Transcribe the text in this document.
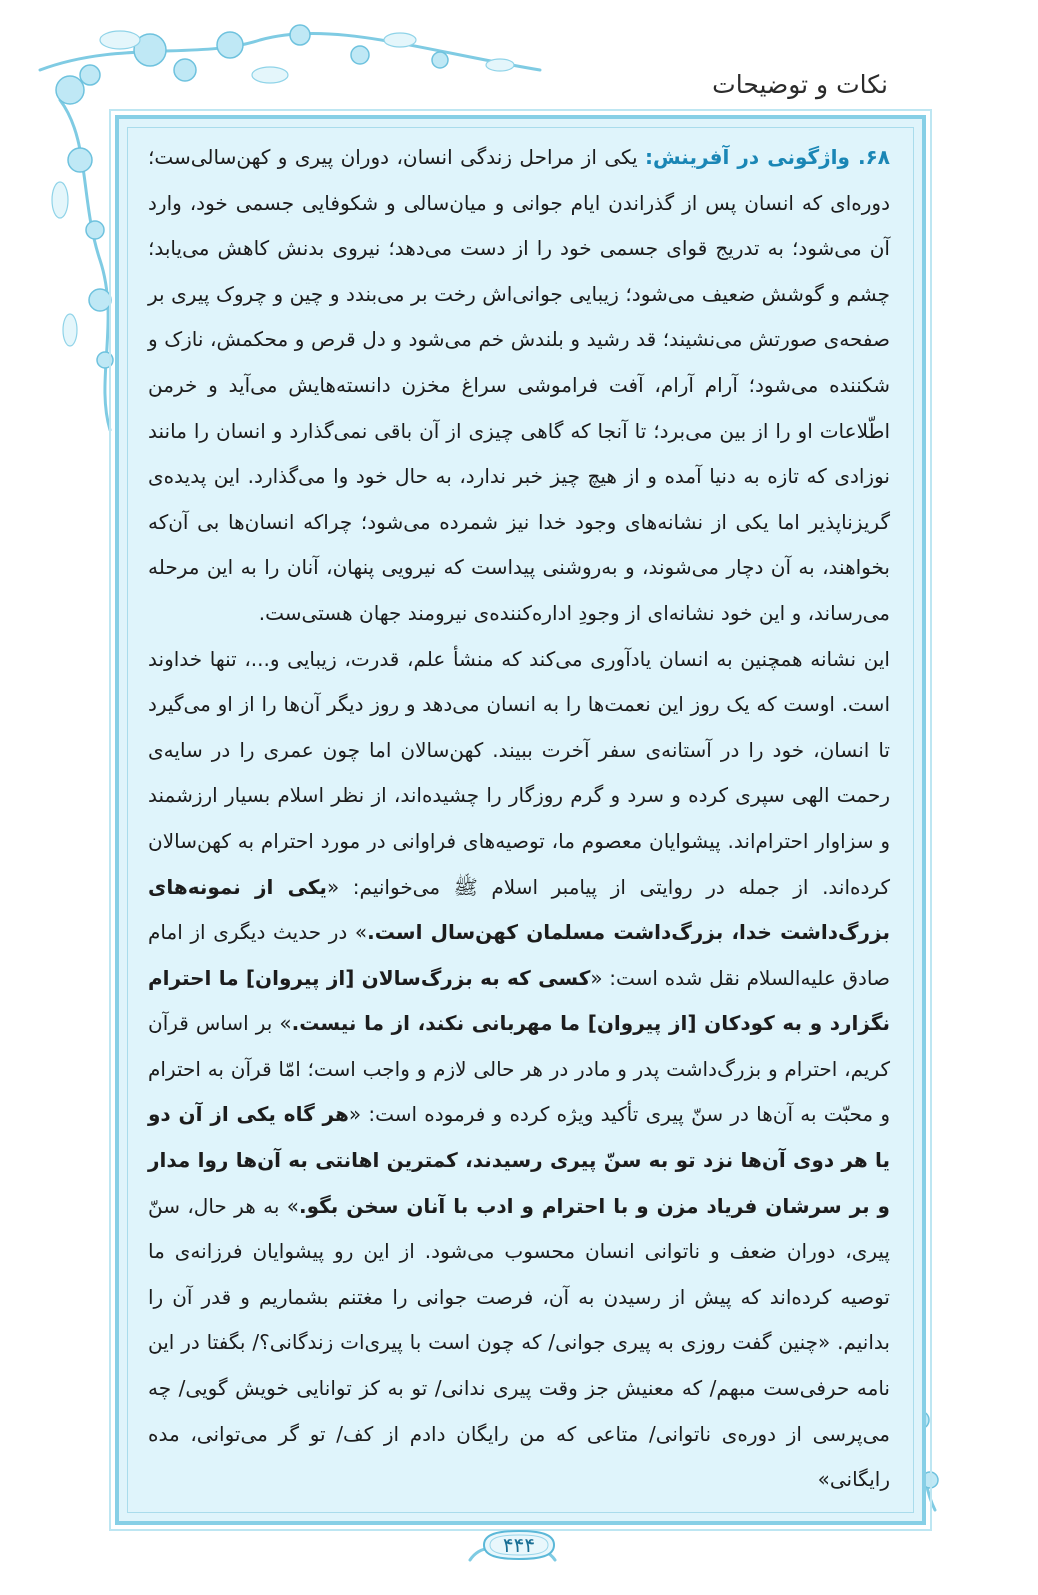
نکات و توضیحات

۶۸. واژگونی در آفرینش: یکی از مراحل زندگی انسان، دوران پیری و کهن‌سالی‌ست؛ دوره‌ای که انسان پس از گذراندن ایام جوانی و میان‌سالی و شکوفایی جسمی خود، وارد آن می‌شود؛ به تدریج قوای جسمی خود را از دست می‌دهد؛ نیروی بدنش کاهش می‌یابد؛ چشم و گوشش ضعیف می‌شود؛ زیبایی جوانی‌اش رخت بر می‌بندد و چین و چروک پیری بر صفحه‌ی صورتش می‌نشیند؛ قد رشید و بلندش خم می‌شود و دل قرص و محکمش، نازک و شکننده می‌شود؛ آرام آرام، آفت فراموشی سراغ مخزن دانسته‌هایش می‌آید و خرمن اطّلاعات او را از بین می‌برد؛ تا آنجا که گاهی چیزی از آن باقی نمی‌گذارد و انسان را مانند نوزادی که تازه به دنیا آمده و از هیچ چیز خبر ندارد، به حال خود وا می‌گذارد. این پدیده‌ی گریزناپذیر اما یکی از نشانه‌های وجود خدا نیز شمرده می‌شود؛ چراکه انسان‌ها بی آن‌که بخواهند، به آن دچار می‌شوند، و به‌روشنی پیداست که نیرویی پنهان، آنان را به این مرحله می‌رساند، و این خود نشانه‌ای از وجودِ اداره‌کننده‌ی نیرومند جهان هستی‌ست.

این نشانه همچنین به انسان یادآوری می‌کند که منشأ علم، قدرت، زیبایی و...، تنها خداوند است. اوست که یک روز این نعمت‌ها را به انسان می‌دهد و روز دیگر آن‌ها را از او می‌گیرد تا انسان، خود را در آستانه‌ی سفر آخرت ببیند. کهن‌سالان اما چون عمری را در سایه‌ی رحمت الهی سپری کرده و سرد و گرم روزگار را چشیده‌اند، از نظر اسلام بسیار ارزشمند و سزاوار احترام‌اند. پیشوایان معصوم ما، توصیه‌های فراوانی در مورد احترام به کهن‌سالان کرده‌اند. از جمله در روایتی از پیامبر اسلام ﷺ می‌خوانیم: «یکی از نمونه‌های بزرگ‌داشت خدا، بزرگ‌داشت مسلمان کهن‌سال است.» در حدیث دیگری از امام صادق علیه‌السلام نقل شده است: «کسی که به بزرگ‌سالان [از پیروان] ما احترام نگزارد و به کودکان [از پیروان] ما مهربانی نکند، از ما نیست.» بر اساس قرآن کریم، احترام و بزرگ‌داشت پدر و مادر در هر حالی لازم و واجب است؛ امّا قرآن به احترام و محبّت به آن‌ها در سنّ پیری تأکید ویژه کرده و فرموده است: «هر گاه یکی از آن دو یا هر دوی آن‌ها نزد تو به سنّ پیری رسیدند، کمترین اهانتی به آن‌ها روا مدار و بر سرشان فریاد مزن و با احترام و ادب با آنان سخن بگو.» به هر حال، سنّ پیری، دوران ضعف و ناتوانی انسان محسوب می‌شود. از این رو پیشوایان فرزانه‌ی ما توصیه کرده‌اند که پیش از رسیدن به آن، فرصت جوانی را مغتنم بشماریم و قدر آن را بدانیم. «چنین گفت روزی به پیری جوانی/ که چون است با پیری‌ات زندگانی؟/ بگفتا در این نامه حرفی‌ست مبهم/ که معنیش جز وقت پیری ندانی/ تو به کز توانایی خویش گویی/ چه می‌پرسی از دوره‌ی ناتوانی/ متاعی که من رایگان دادم از کف/ تو گر می‌توانی، مده رایگانی»

۴۴۴
